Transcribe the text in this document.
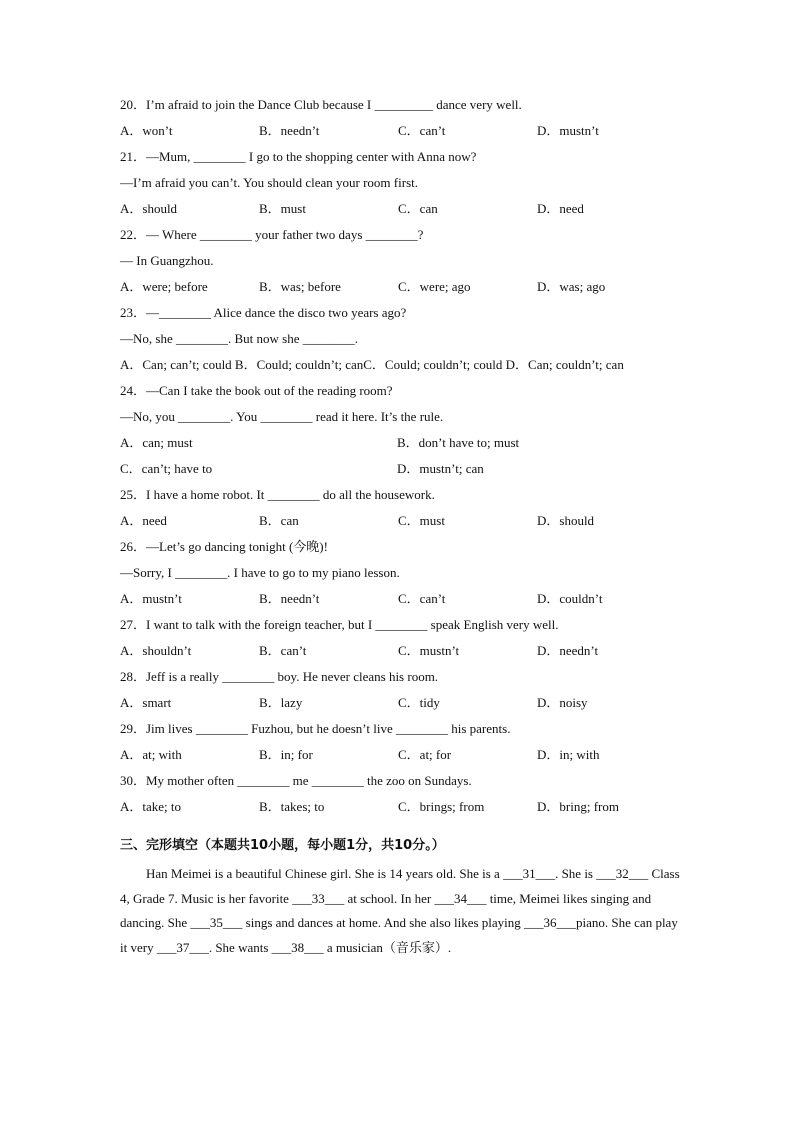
20．I’m afraid to join the Dance Club because I _________ dance very well.

A．won’t	B．needn’t	C．can’t	D．mustn’t

21．—Mum, ________ I go to the shopping center with Anna now?

—I’m afraid you can’t. You should clean your room first.

A．should	B．must	C．can	D．need

22．— Where ________ your father two days ________?

— In Guangzhou.

A．were; before	B．was; before	C．were; ago	D．was; ago

23．—________ Alice dance the disco two years ago?

—No, she ________. But now she ________.

A．Can; can’t; could B．Could; couldn’t; canC．Could; couldn’t; could D．Can; couldn’t; can

24．—Can I take the book out of the reading room?

—No, you ________. You ________ read it here. It’s the rule.

A．can; must	B．don’t have to; must
C．can’t; have to	D．mustn’t; can

25．I have a home robot. It ________ do all the housework.

A．need	B．can	C．must	D．should

26．—Let’s go dancing tonight (今晚)!

—Sorry, I ________. I have to go to my piano lesson.

A．mustn’t	B．needn’t	C．can’t	D．couldn’t

27．I want to talk with the foreign teacher, but I ________ speak English very well.

A．shouldn’t	B．can’t	C．mustn’t	D．needn’t

28．Jeff is a really ________ boy. He never cleans his room.

A．smart	B．lazy	C．tidy	D．noisy

29．Jim lives ________ Fuzhou, but he doesn’t live ________ his parents.

A．at; with	B．in; for	C．at; for	D．in; with

30．My mother often ________ me ________ the zoo on Sundays.

A．take; to	B．takes; to	C．brings; from	D．bring; from
三、完形填空（本题共10小题，每小题1分，共10分。）
Han Meimei is a beautiful Chinese girl. She is 14 years old. She is a ___31___. She is ___32___ Class 4, Grade 7. Music is her favorite ___33___ at school. In her ___34___ time, Meimei likes singing and dancing. She ___35___ sings and dances at home. And she also likes playing ___36___piano. She can play it very ___37___. She wants ___38___ a musician（音乐家）.
